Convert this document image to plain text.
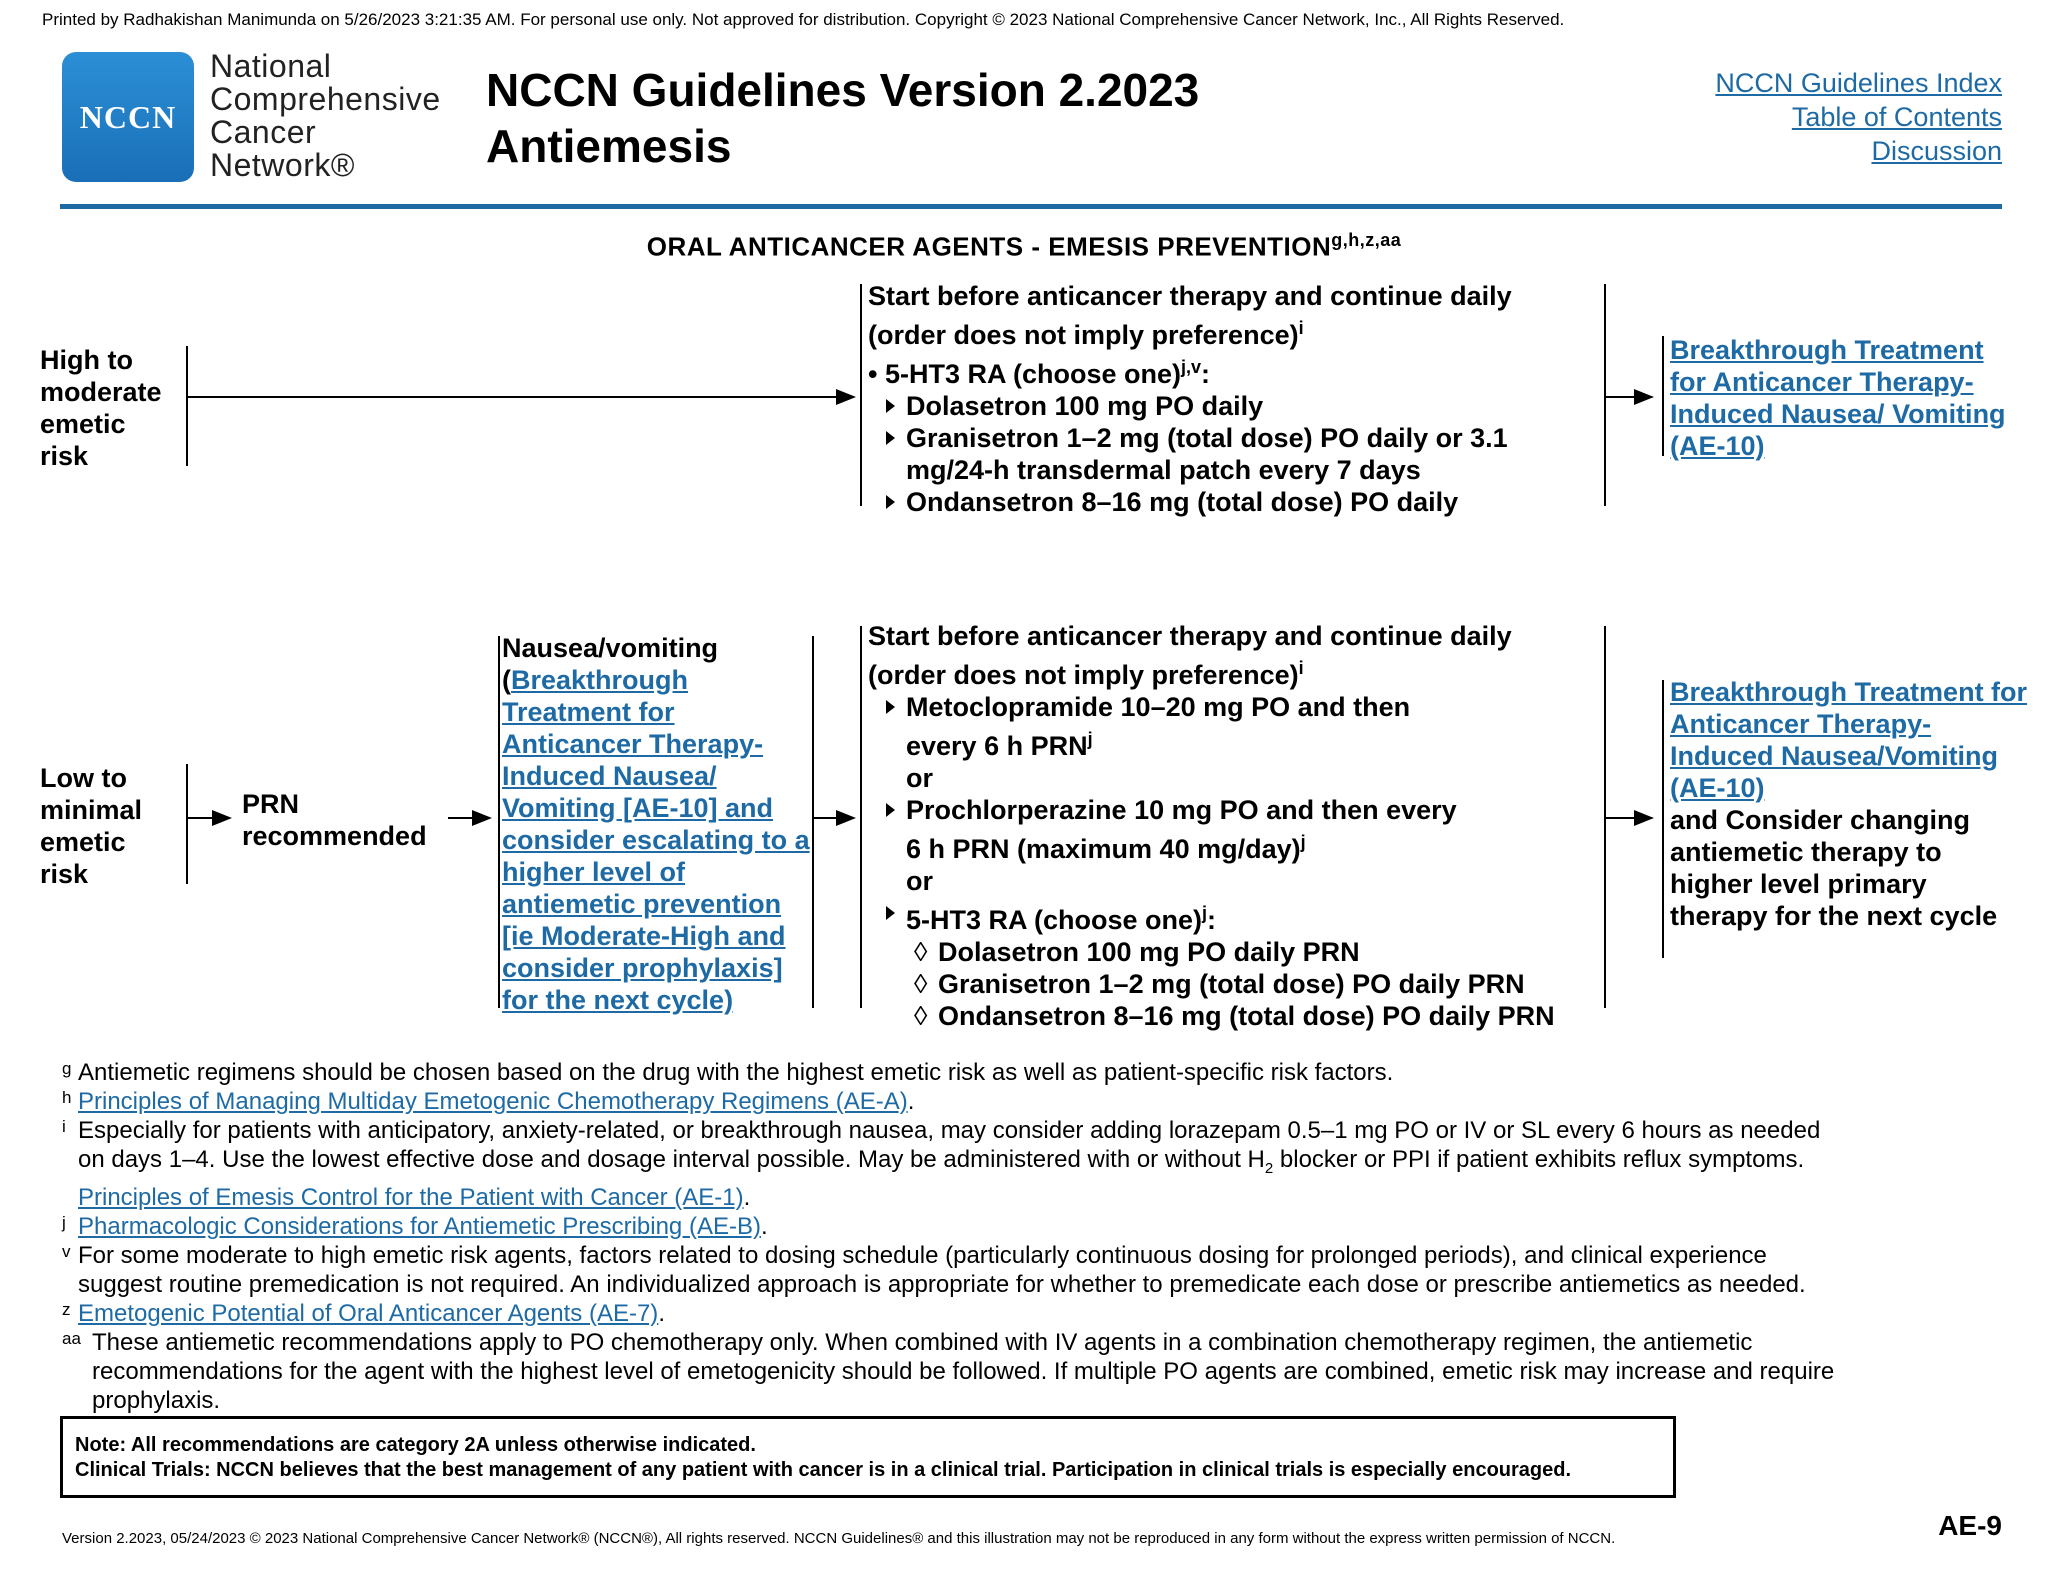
Printed by Radhakishan Manimunda on 5/26/2023 3:21:35 AM. For personal use only. Not approved for distribution. Copyright © 2023 National Comprehensive Cancer Network, Inc., All Rights Reserved.
NCCN
National
Comprehensive
Cancer
Network®
NCCN Guidelines Version 2.2023
Antiemesis
NCCN Guidelines Index
Table of Contents
Discussion
ORAL ANTICANCER AGENTS - EMESIS $PREVENTION^{g,h,z,aa}$
High to moderate emetic risk
Start before anticancer therapy and continue daily
(order does not imply preference)$^i$
• 5-HT3 RA (choose one)$^{j,v}$:
Dolasetron 100 mg PO daily
Granisetron 1–2 mg (total dose) PO daily or 3.1 mg/24-h transdermal patch every 7 days
Ondansetron 8–16 mg (total dose) PO daily
Breakthrough Treatment for Anticancer Therapy-Induced Nausea/ Vomiting (AE-10)
Low to minimal emetic risk
PRN recommended
Nausea/vomiting
(Breakthrough Treatment for Anticancer Therapy-Induced Nausea/ Vomiting [AE-10] and consider escalating to a higher level of antiemetic prevention [ie Moderate-High and consider prophylaxis] for the next cycle)
Start before anticancer therapy and continue daily
(order does not imply preference)$^i$
Metoclopramide 10–20 mg PO and then every 6 h PRN$^j$
or
Prochlorperazine 10 mg PO and then every 6 h PRN (maximum 40 mg/day)$^j$
or
5-HT3 RA (choose one)$^j$:
◊ Dolasetron 100 mg PO daily PRN
◊ Granisetron 1–2 mg (total dose) PO daily PRN
◊ Ondansetron 8–16 mg (total dose) PO daily PRN
Breakthrough Treatment for Anticancer Therapy-Induced Nausea/Vomiting (AE-10)
and Consider changing antiemetic therapy to higher level primary therapy for the next cycle

g Antiemetic regimens should be chosen based on the drug with the highest emetic risk as well as patient-specific risk factors.

h Principles of Managing Multiday Emetogenic Chemotherapy Regimens (AE-A).

i Especially for patients with anticipatory, anxiety-related, or breakthrough nausea, may consider adding lorazepam 0.5–1 mg PO or IV or SL every 6 hours as needed

on days 1–4. Use the lowest effective dose and dosage interval possible. May be administered with or without $H_2$ blocker or PPI if patient exhibits reflux symptoms.

Principles of Emesis Control for the Patient with Cancer (AE-1).

j Pharmacologic Considerations for Antiemetic Prescribing (AE-B).

v For some moderate to high emetic risk agents, factors related to dosing schedule (particularly continuous dosing for prolonged periods), and clinical experience

suggest routine premedication is not required. An individualized approach is appropriate for whether to premedicate each dose or prescribe antiemetics as needed.

z Emetogenic Potential of Oral Anticancer Agents (AE-7).

aa These antiemetic recommendations apply to PO chemotherapy only. When combined with IV agents in a combination chemotherapy regimen, the antiemetic

recommendations for the agent with the highest level of emetogenicity should be followed. If multiple PO agents are combined, emetic risk may increase and require

prophylaxis.

Note: All recommendations are category 2A unless otherwise indicated.
Clinical Trials: NCCN believes that the best management of any patient with cancer is in a clinical trial. Participation in clinical trials is especially encouraged.
Version 2.2023, 05/24/2023 © 2023 National Comprehensive Cancer Network® (NCCN®), All rights reserved. NCCN Guidelines® and this illustration may not be reproduced in any form without the express written permission of NCCN.	AE-9
